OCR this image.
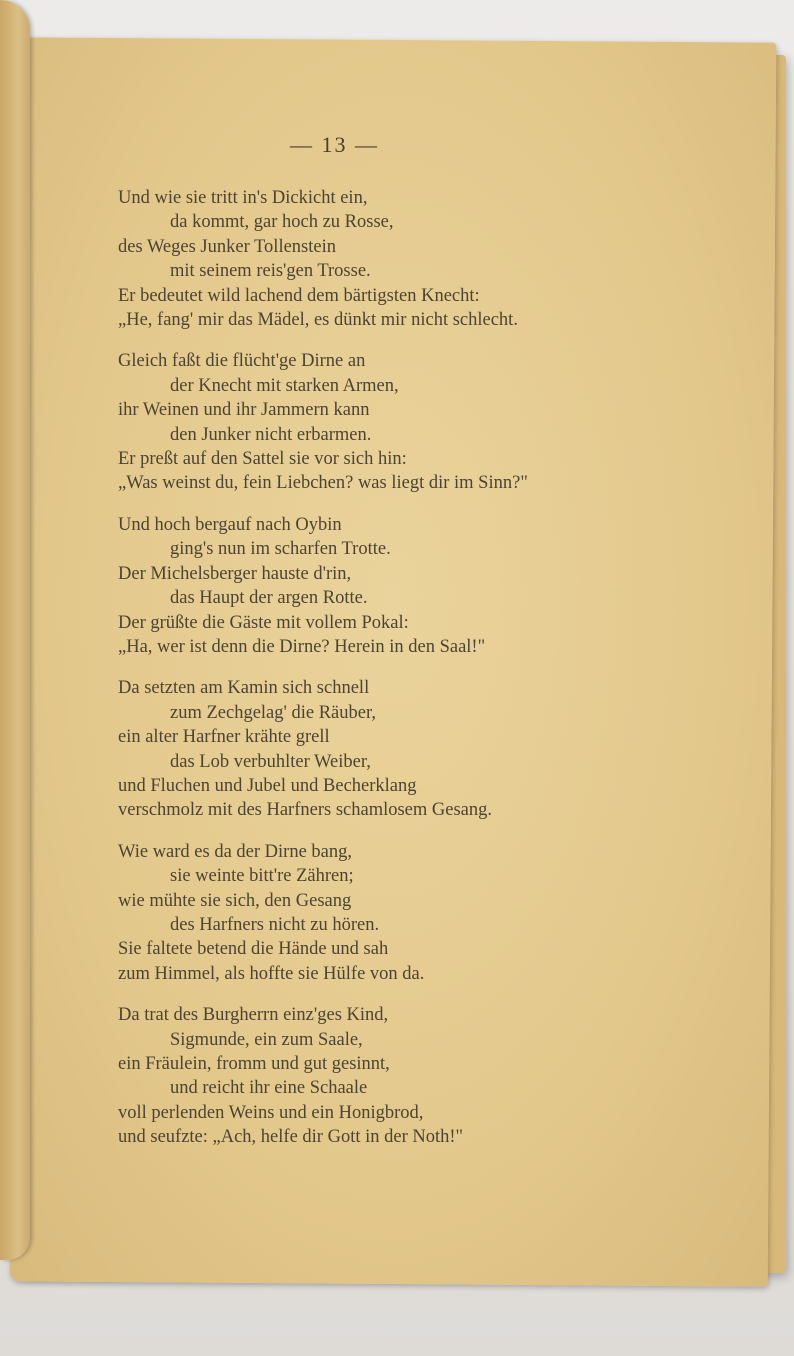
— 13 —
Und wie sie tritt in's Dickicht ein,
da kommt, gar hoch zu Rosse,
des Weges Junker Tollenstein
mit seinem reis'gen Trosse.
Er bedeutet wild lachend dem bärtigsten Knecht:
„He, fang' mir das Mädel, es dünkt mir nicht schlecht.
Gleich faßt die flücht'ge Dirne an
der Knecht mit starken Armen,
ihr Weinen und ihr Jammern kann
den Junker nicht erbarmen.
Er preßt auf den Sattel sie vor sich hin:
„Was weinst du, fein Liebchen? was liegt dir im Sinn?"
Und hoch bergauf nach Oybin
ging's nun im scharfen Trotte.
Der Michelsberger hauste d'rin,
das Haupt der argen Rotte.
Der grüßte die Gäste mit vollem Pokal:
„Ha, wer ist denn die Dirne? Herein in den Saal!"
Da setzten am Kamin sich schnell
zum Zechgelag' die Räuber,
ein alter Harfner krähte grell
das Lob verbuhlter Weiber,
und Fluchen und Jubel und Becherklang
verschmolz mit des Harfners schamlosem Gesang.
Wie ward es da der Dirne bang,
sie weinte bitt're Zähren;
wie mühte sie sich, den Gesang
des Harfners nicht zu hören.
Sie faltete betend die Hände und sah
zum Himmel, als hoffte sie Hülfe von da.
Da trat des Burgherrn einz'ges Kind,
Sigmunde, ein zum Saale,
ein Fräulein, fromm und gut gesinnt,
und reicht ihr eine Schaale
voll perlenden Weins und ein Honigbrod,
und seufzte: „Ach, helfe dir Gott in der Noth!"
